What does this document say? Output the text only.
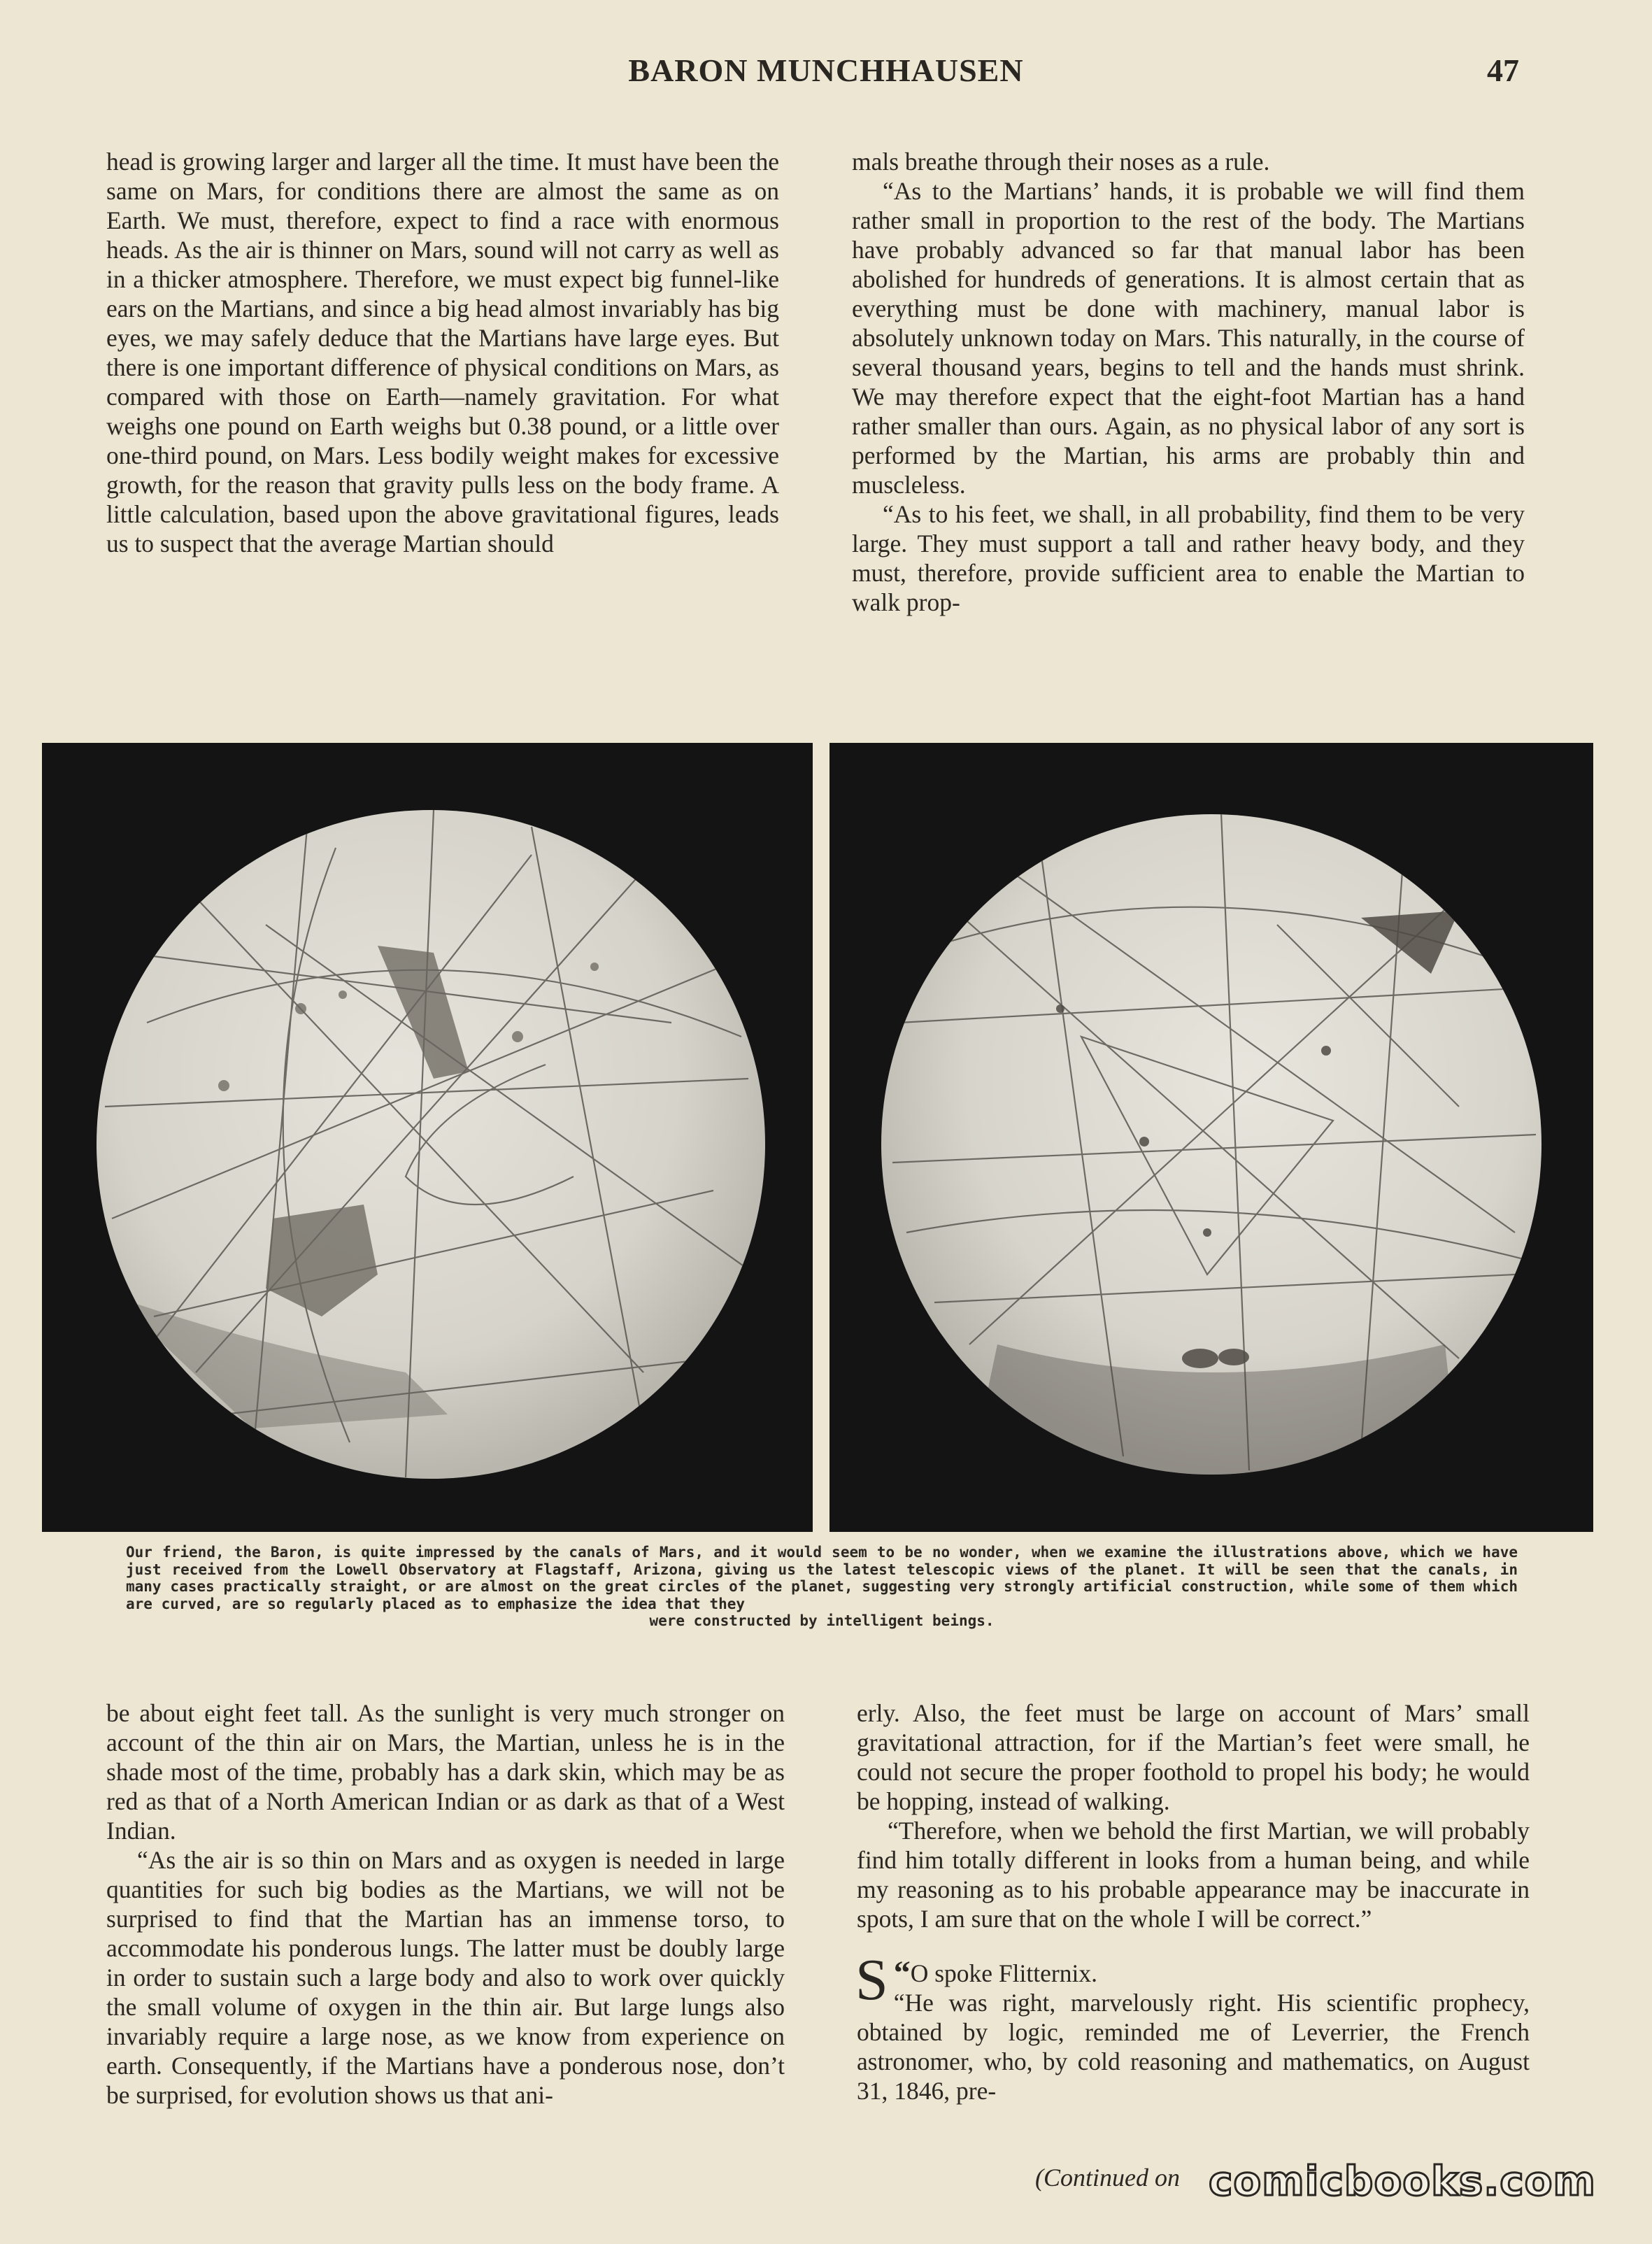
BARON MUNCHHAUSEN	47

head is growing larger and larger all the time. It must have been the same on Mars, for conditions there are almost the same as on Earth. We must, therefore, expect to find a race with enormous heads. As the air is thinner on Mars, sound will not carry as well as in a thicker atmosphere. Therefore, we must expect big funnel-like ears on the Martians, and since a big head almost invariably has big eyes, we may safely deduce that the Martians have large eyes. But there is one important difference of physical conditions on Mars, as compared with those on Earth—namely gravitation. For what weighs one pound on Earth weighs but 0.38 pound, or a little over one-third pound, on Mars. Less bodily weight makes for excessive growth, for the reason that gravity pulls less on the body frame. A little calculation, based upon the above gravitational figures, leads us to suspect that the average Martian should

mals breathe through their noses as a rule.

“As to the Martians’ hands, it is probable we will find them rather small in proportion to the rest of the body. The Martians have probably advanced so far that manual labor has been abolished for hundreds of generations. It is almost certain that as everything must be done with machinery, manual labor is absolutely unknown today on Mars. This naturally, in the course of several thousand years, begins to tell and the hands must shrink. We may therefore expect that the eight-foot Martian has a hand rather smaller than ours. Again, as no physical labor of any sort is performed by the Martian, his arms are probably thin and muscleless.

“As to his feet, we shall, in all probability, find them to be very large. They must support a tall and rather heavy body, and they must, therefore, provide sufficient area to enable the Martian to walk prop-

Our friend, the Baron, is quite impressed by the canals of Mars, and it would seem to be no wonder, when we examine the illustrations above, which we have just received from the Lowell Observatory at Flagstaff, Arizona, giving us the latest telescopic views of the planet. It will be seen that the canals, in many cases practically straight, or are almost on the great circles of the planet, suggesting very strongly artificial construction, while some of them which are curved, are so regularly placed as to emphasize the idea that they
were constructed by intelligent beings.

be about eight feet tall. As the sunlight is very much stronger on account of the thin air on Mars, the Martian, unless he is in the shade most of the time, probably has a dark skin, which may be as red as that of a North American Indian or as dark as that of a West Indian.

“As the air is so thin on Mars and as oxygen is needed in large quantities for such big bodies as the Martians, we will not be surprised to find that the Martian has an immense torso, to accommodate his ponderous lungs. The latter must be doubly large in order to sustain such a large body and also to work over quickly the small volume of oxygen in the thin air. But large lungs also invariably require a large nose, as we know from experience on earth. Consequently, if the Martians have a ponderous nose, don’t be surprised, for evolution shows us that ani-

erly. Also, the feet must be large on account of Mars’ small gravitational attraction, for if the Martian’s feet were small, he could not secure the proper foothold to propel his body; he would be hopping, instead of walking.

“Therefore, when we behold the first Martian, we will probably find him totally different in looks from a human being, and while my reasoning as to his probable appearance may be inaccurate in spots, I am sure that on the whole I will be correct.”

“
S O spoke Flitternix.

“He was right, marvelously right. His scientific prophecy, obtained by logic, reminded me of Leverrier, the French astronomer, who, by cold reasoning and mathematics, on August 31, 1846, pre-

(Continued on comicbooks.com
